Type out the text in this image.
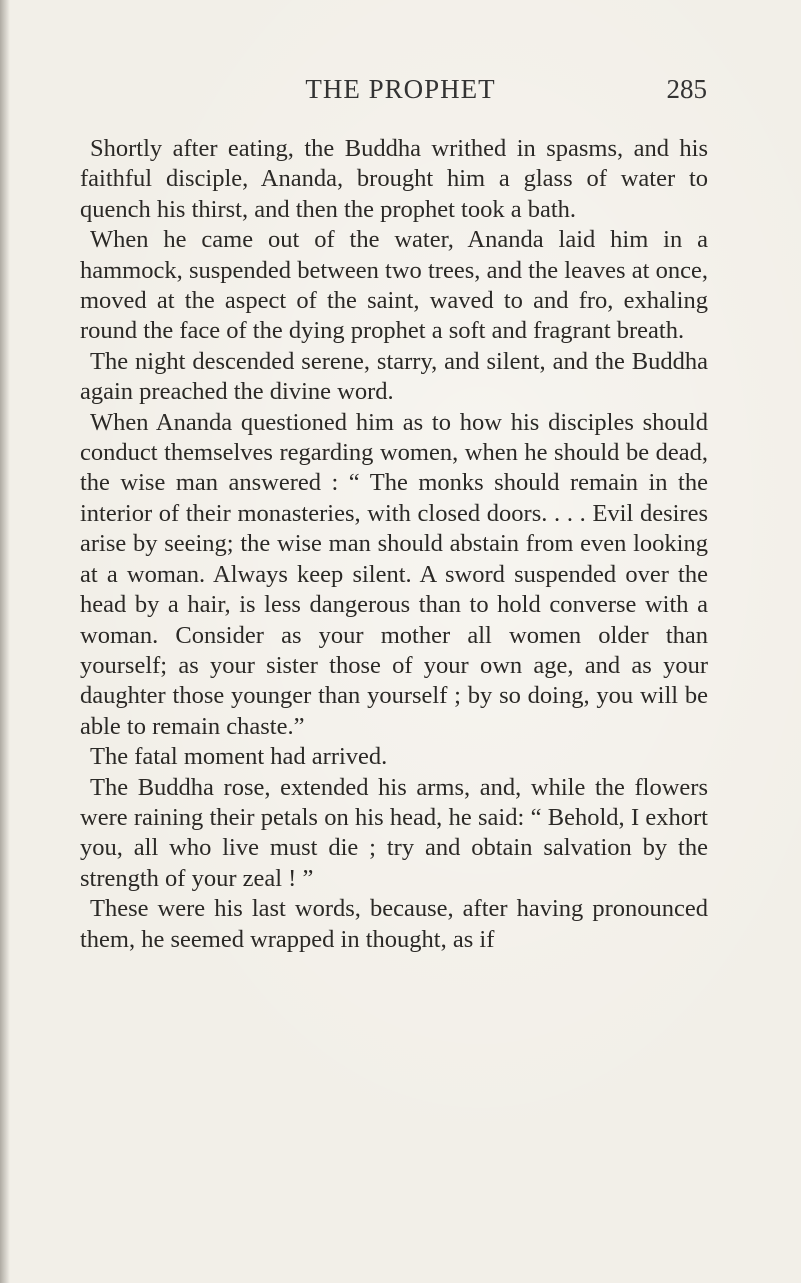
THE PROPHET	285

Shortly after eating, the Buddha writhed in spasms, and his faithful disciple, Ananda, brought him a glass of water to quench his thirst, and then the prophet took a bath.

When he came out of the water, Ananda laid him in a hammock, suspended between two trees, and the leaves at once, moved at the aspect of the saint, waved to and fro, exhaling round the face of the dying prophet a soft and fragrant breath.

The night descended serene, starry, and silent, and the Buddha again preached the divine word.

When Ananda questioned him as to how his disciples should conduct themselves regarding women, when he should be dead, the wise man answered : “ The monks should remain in the interior of their monasteries, with closed doors. . . . Evil desires arise by seeing; the wise man should abstain from even looking at a woman. Always keep silent. A sword suspended over the head by a hair, is less dangerous than to hold converse with a woman. Consider as your mother all women older than yourself; as your sister those of your own age, and as your daughter those younger than yourself ; by so doing, you will be able to remain chaste.”

The fatal moment had arrived.

The Buddha rose, extended his arms, and, while the flowers were raining their petals on his head, he said: “ Behold, I exhort you, all who live must die ; try and obtain salvation by the strength of your zeal ! ”

These were his last words, because, after having pronounced them, he seemed wrapped in thought, as if
